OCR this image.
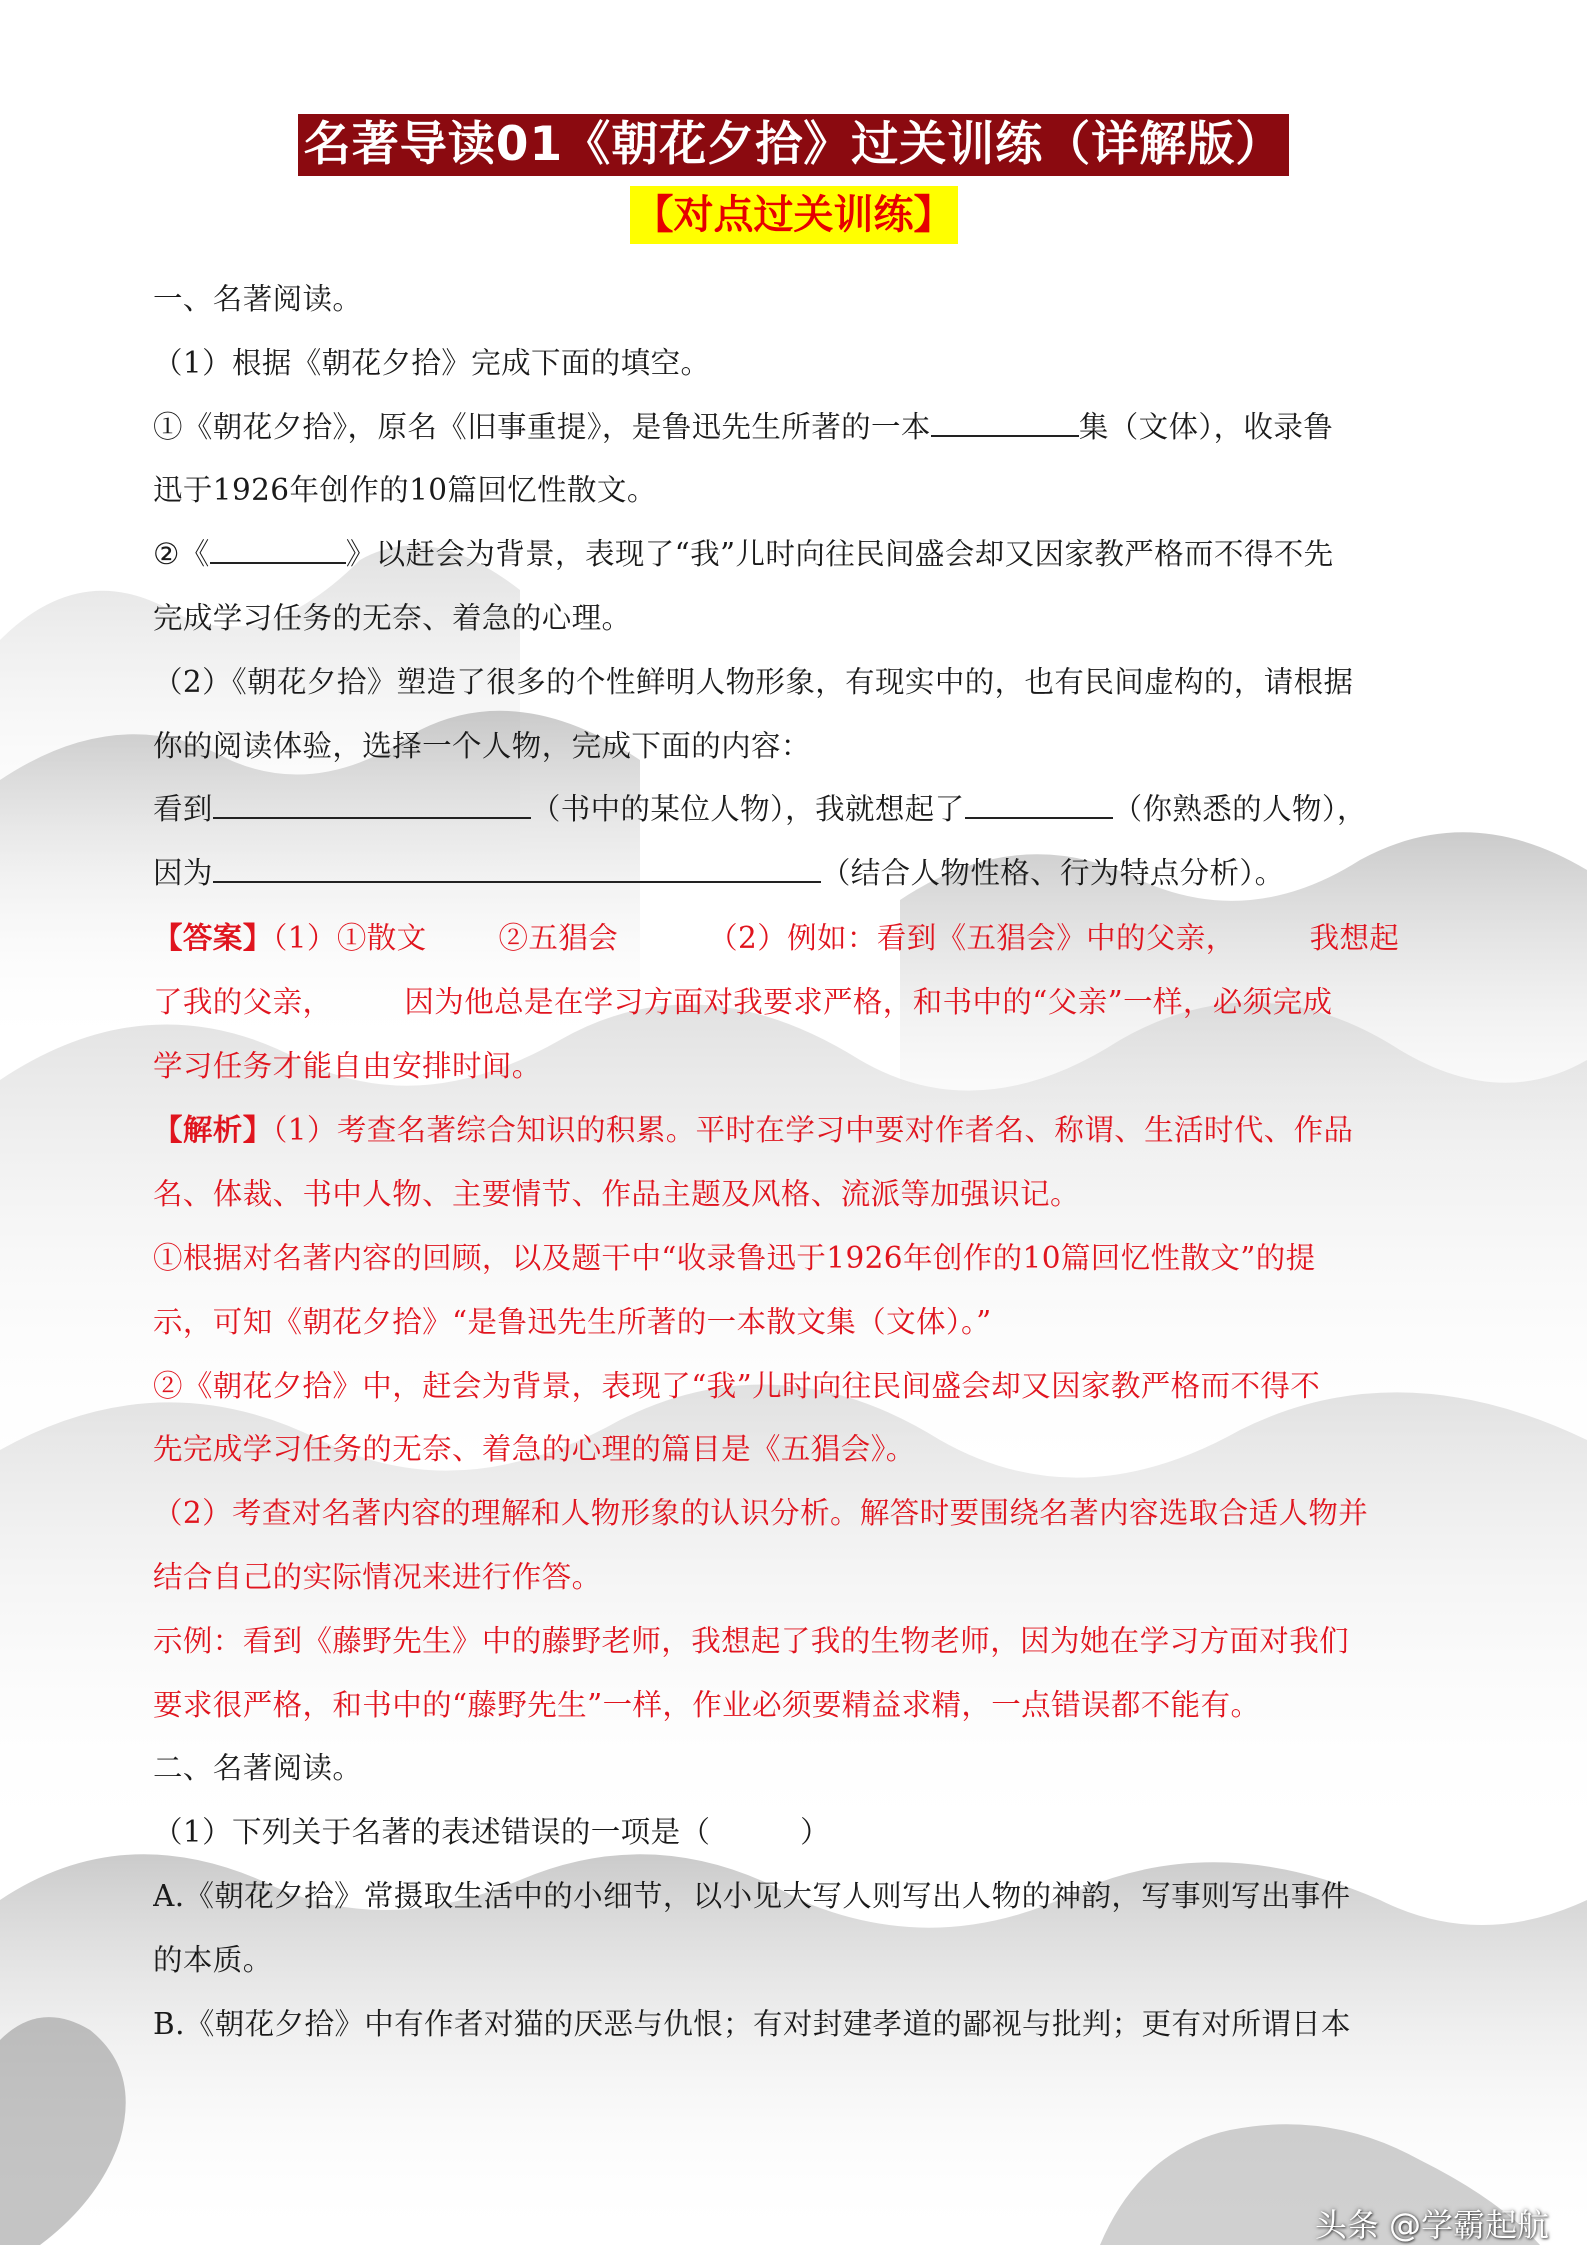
名著导读01《朝花夕拾》过关训练（详解版）
【对点过关训练】
一、名著阅读。
（1）根据《朝花夕拾》完成下面的填空。
①《朝花夕拾》，原名《旧事重提》，是鲁迅先生所著的一本	集（文体），收录鲁
迅于1926年创作的10篇回忆性散文。
②《	》以赶会为背景，表现了“我”儿时向往民间盛会却又因家教严格而不得不先
完成学习任务的无奈、着急的心理。
（2）《朝花夕拾》塑造了很多的个性鲜明人物形象，有现实中的，也有民间虚构的，请根据
你的阅读体验，选择一个人物，完成下面的内容：
看到	（书中的某位人物），我就想起了	（你熟悉的人物），
因为	（结合人物性格、行为特点分析）。
【答案】（1）①散文 ②五猖会	（2）例如：看到《五猖会》中的父亲，	我想起
了我的父亲， 因为他总是在学习方面对我要求严格，和书中的“父亲”一样，必须完成
学习任务才能自由安排时间。
【解析】（1）考查名著综合知识的积累。平时在学习中要对作者名、称谓、生活时代、作品
名、体裁、书中人物、主要情节、作品主题及风格、流派等加强识记。
①根据对名著内容的回顾，以及题干中“收录鲁迅于1926年创作的10篇回忆性散文”的提
示，可知《朝花夕拾》“是鲁迅先生所著的一本散文集（文体）。”
②《朝花夕拾》中，赶会为背景，表现了“我”儿时向往民间盛会却又因家教严格而不得不
先完成学习任务的无奈、着急的心理的篇目是《五猖会》。
（2）考查对名著内容的理解和人物形象的认识分析。解答时要围绕名著内容选取合适人物并
结合自己的实际情况来进行作答。
示例：看到《藤野先生》中的藤野老师，我想起了我的生物老师，因为她在学习方面对我们
要求很严格，和书中的“藤野先生”一样，作业必须要精益求精，一点错误都不能有。
二、名著阅读。
（1）下列关于名著的表述错误的一项是（　　　）
A.《朝花夕拾》常摄取生活中的小细节，以小见大写人则写出人物的神韵，写事则写出事件
的本质。
B.《朝花夕拾》中有作者对猫的厌恶与仇恨；有对封建孝道的鄙视与批判；更有对所谓日本
头条 @学霸起航
